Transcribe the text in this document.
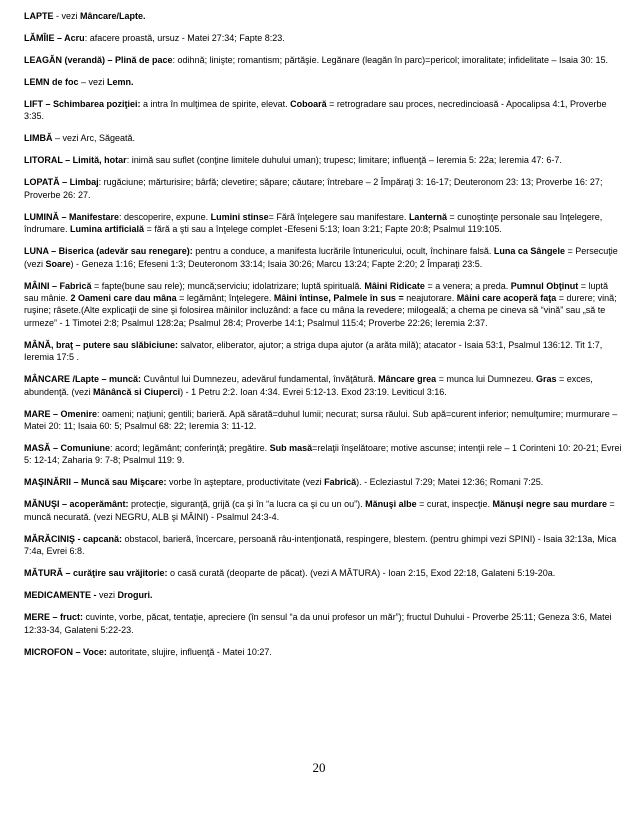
LAPTE - vezi Mâncare/Lapte.

LĂMÎIE – Acru: afacere proastă, ursuz - Matei 27:34; Fapte 8:23.

LEAGĂN (verandă) – Plină de pace: odihnă; linişte; romantism; părtăşie. Legănare (leagăn în parc)=pericol; imoralitate; infidelitate – Isaia 30: 15.

LEMN de foc – vezi Lemn.

LIFT – Schimbarea poziţiei: a intra în mulţimea de spirite, elevat. Coboară = retrogradare sau proces, necredincioasă - Apocalipsa 4:1, Proverbe 3:35.

LIMBĂ – vezi Arc, Săgeată.

LITORAL – Limită, hotar: inimă sau suflet (conţine limitele duhului uman); trupesc; limitare; influenţă – Ieremia 5: 22a; Ieremia 47: 6-7.

LOPATĂ – Limbaj: rugăciune; mărturisire; bârfă; clevetire; săpare; căutare; întrebare – 2 Împăraţi 3: 16-17; Deuteronom 23: 13; Proverbe 16: 27; Proverbe 26: 27.

LUMINĂ – Manifestare: descoperire, expune. Lumini stinse= Fără înţelegere sau manifestare. Lanternă = cunoştinţe personale sau înţelegere, îndrumare. Lumina artificială = fără a şti sau a înţelege complet -Efeseni 5:13; Ioan 3:21; Fapte 20:8; Psalmul 119:105.

LUNA – Biserica (adevăr sau renegare): pentru a conduce, a manifesta lucrările întunericului, ocult, închinare falsă. Luna ca Sângele = Persecuţie (vezi Soare) - Geneza 1:16; Efeseni 1:3; Deuteronom 33:14; Isaia 30:26; Marcu 13:24; Fapte 2:20; 2 Împaraţi 23:5.

MÂINI – Fabrică = fapte(bune sau rele); muncă;serviciu; idolatrizare; luptă spirituală. Mâini Ridicate = a venera; a preda. Pumnul Obţinut = luptă sau mânie. 2 Oameni care dau mâna = legământ; înţelegere. Mâini întinse, Palmele în sus = neajutorare. Mâini care acoperă faţa = durere; vină; ruşine; râsete.(Alte explicaţii de sine şi folosirea mâinilor incluzând: a face cu mâna la revedere; milogeală; a chema pe cineva să “vină” sau „să te urmeze” - 1 Timotei 2:8; Psalmul 128:2a; Psalmul 28:4; Proverbe 14:1; Psalmul 115:4; Proverbe 22:26; Ieremia 2:37.

MÂNĂ, braţ – putere sau slăbiciune: salvator, eliberator, ajutor; a striga dupa ajutor (a arăta milă); atacator - Isaia 53:1, Psalmul 136:12. Tit 1:7, Ieremia 17:5 .

MÂNCARE /Lapte – muncă: Cuvântul lui Dumnezeu, adevărul fundamental, învăţătură. Mâncare grea = munca lui Dumnezeu. Gras = exces, abundenţă. (vezi Mânâncă si Ciuperci) - 1 Petru 2:2. Ioan 4:34. Evrei 5:12-13. Exod 23:19. Leviticul 3:16.

MARE – Omenire: oameni; naţiuni; gentili; barieră. Apă sărată=duhul lumii; necurat; sursa răului. Sub apă=curent inferior; nemulţumire; murmurare – Matei 20: 11; Isaia 60: 5; Psalmul 68: 22; Ieremia 3: 11-12.

MASĂ – Comuniune: acord; legământ; conferinţă; pregătire. Sub masă=relaţii înşelătoare; motive ascunse; intenţii rele – 1 Corinteni 10: 20-21; Evrei 5: 12-14; Zaharia 9: 7-8; Psalmul 119: 9.

MAŞINĂRII – Muncă sau Mişcare: vorbe în aşteptare, productivitate (vezi Fabrică). - Ecleziastul 7:29; Matei 12:36; Romani 7:25.

MĂNUŞI – acoperământ: protecţie, siguranţă, grijă (ca şi în “a lucra ca şi cu un ou”). Mănuşi albe = curat, inspecţie. Mănuşi negre sau murdare = muncă necurată. (vezi NEGRU, ALB şi MÂINI) - Psalmul 24:3-4.

MĂRĂCINIŞ - capcană: obstacol, barieră, încercare, persoană râu-intenţionată, respingere, blestem. (pentru ghimpi vezi SPINI) - Isaia 32:13a, Mica 7:4a, Evrei 6:8.

MĂTURĂ – curăţire sau vrăjitorie: o casă curată (deoparte de păcat). (vezi A MĂTURA) - Ioan 2:15, Exod 22:18, Galateni 5:19-20a.

MEDICAMENTE - vezi Droguri.

MERE – fruct: cuvinte, vorbe, păcat, tentaţie, apreciere (în sensul “a da unui profesor un măr”); fructul Duhului - Proverbe 25:11; Geneza 3:6, Matei 12:33-34, Galateni 5:22-23.

MICROFON – Voce: autoritate, slujire, influenţă - Matei 10:27.

20
